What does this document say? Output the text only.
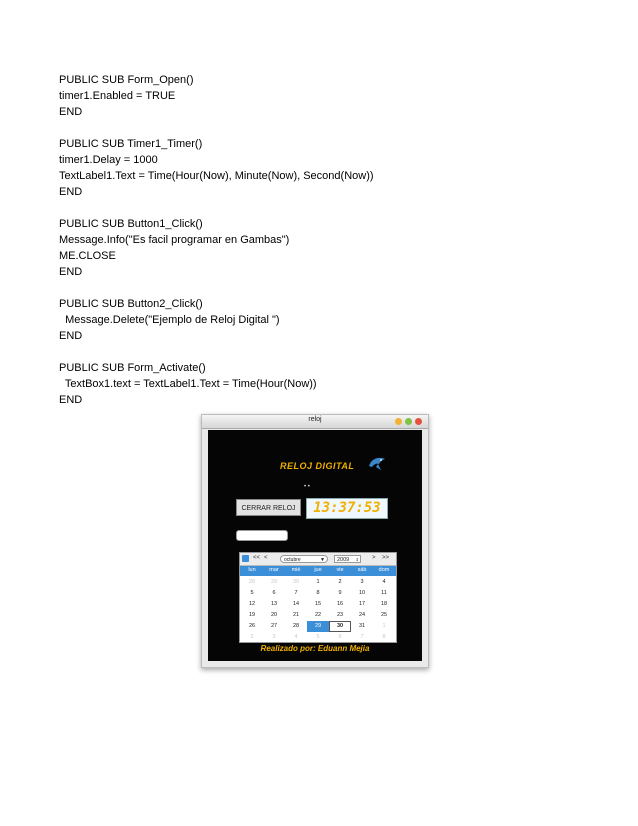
PUBLIC SUB Form_Open()
timer1.Enabled = TRUE
END
PUBLIC SUB Timer1_Timer()
timer1.Delay = 1000
TextLabel1.Text = Time(Hour(Now), Minute(Now), Second(Now))
END
PUBLIC SUB Button1_Click()
Message.Info("Es facil programar en Gambas")
ME.CLOSE
END
PUBLIC SUB Button2_Click()
Message.Delete("Ejemplo de Reloj Digital ")
END
PUBLIC SUB Form_Activate()
TextBox1.text = TextLabel1.Text = Time(Hour(Now))
END
reloj
RELOJ DIGITAL
• •
CERRAR RELOJ	13:37:53
<< <	octubre	▼	2009 ⇕ > >>
lun	mar	mié	jue	vie	sáb	dom
28	29	30	1	2	3	4
5	6	7	8	9	10	11
12	13	14	15	16	17	18
19	20	21	22	23	24	25
26	27	28	29	30	31	1
2	3	4	5	6	7	8
Realizado por: Eduann Mejia
